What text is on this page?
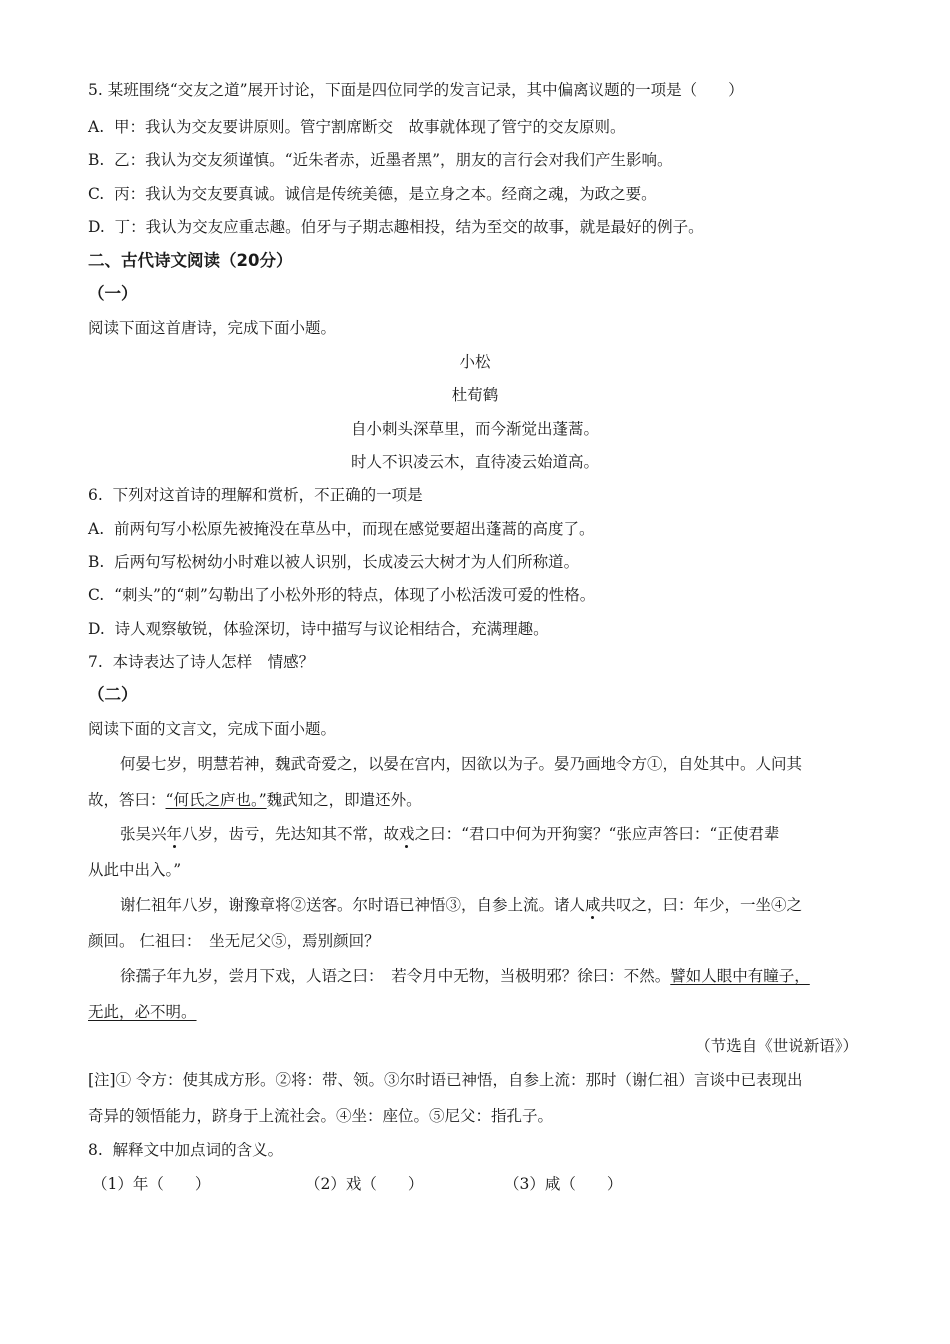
5. 某班围绕“交友之道”展开讨论，下面是四位同学的发言记录，其中偏离议题的一项是（　　）
A.  甲：我认为交友要讲原则。管宁割席断交　故事就体现了管宁的交友原则。
B.  乙：我认为交友须谨慎。“近朱者赤，近墨者黑”，朋友的言行会对我们产生影响。
C.  丙：我认为交友要真诚。诚信是传统美德，是立身之本。经商之魂，为政之要。
D.  丁：我认为交友应重志趣。伯牙与子期志趣相投，结为至交的故事，就是最好的例子。
二、古代诗文阅读（20分）
（一）
阅读下面这首唐诗，完成下面小题。
小松
杜荀鹤
自小刺头深草里，而今渐觉出蓬蒿。
时人不识凌云木，直待凌云始道高。
6.  下列对这首诗的理解和赏析，不正确的一项是
A.  前两句写小松原先被掩没在草丛中，而现在感觉要超出蓬蒿的高度了。
B.  后两句写松树幼小时难以被人识别，长成凌云大树才为人们所称道。
C.  “刺头”的“刺”勾勒出了小松外形的特点，体现了小松活泼可爱的性格。
D.  诗人观察敏锐，体验深切，诗中描写与议论相结合，充满理趣。
7.  本诗表达了诗人怎样　情感？
（二）
阅读下面的文言文，完成下面小题。
何晏七岁，明慧若神，魏武奇爱之，以晏在宫内，因欲以为子。晏乃画地令方①，自处其中。人问其
故，答曰：“何氏之庐也。”魏武知之，即遣还外。
张吴兴年八岁，齿亏，先达知其不常，故戏之曰：“君口中何为开狗窦？“张应声答曰：“正使君辈
从此中出入。”
谢仁祖年八岁，谢豫章将②送客。尔时语已神悟③，自参上流。诸人咸共叹之，曰：年少，一坐④之
颜回。 仁祖曰：　坐无尼父⑤，焉别颜回？
徐孺子年九岁，尝月下戏，人语之曰：　若令月中无物，当极明邪？徐曰：不然。譬如人眼中有瞳子，
无此，必不明。
（节选自《世说新语》）
[注]① 令方：使其成方形。②将：带、领。③尔时语已神悟，自参上流：那时（谢仁祖）言谈中已表现出
奇异的领悟能力，跻身于上流社会。④坐：座位。⑤尼父：指孔子。
8.  解释文中加点词的含义。
（1）年（　　）	（2）戏（　　）	（3）咸（　　）
